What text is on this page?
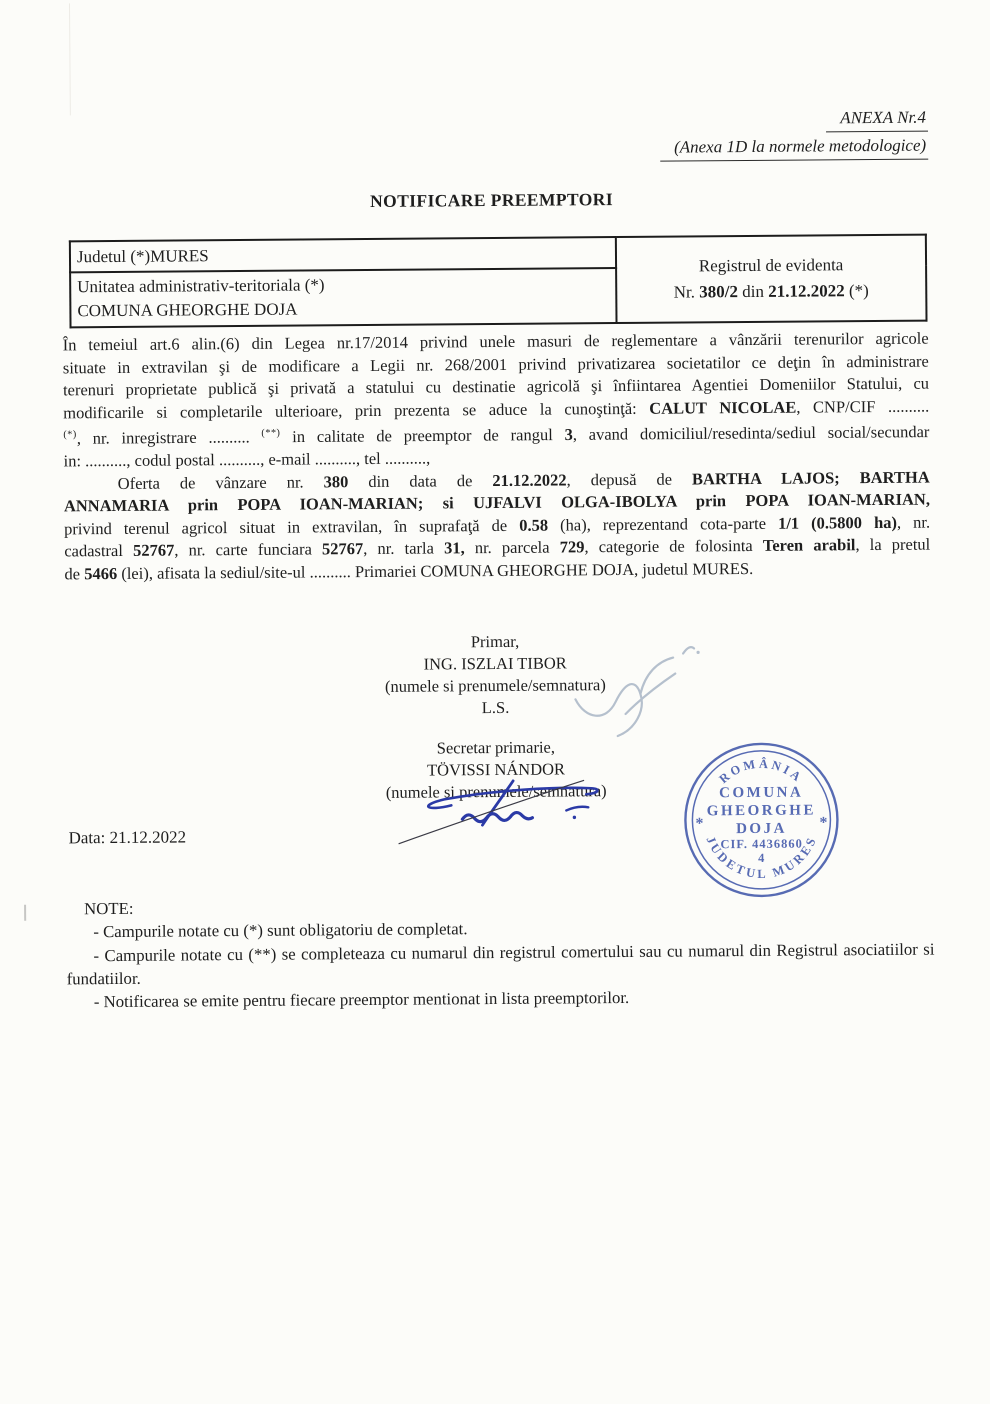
ANEXA Nr.4
(Anexa 1D la normele metodologice)
NOTIFICARE PREEMPTORI
Judetul (*)MURES	Registrul de evidenta
Nr. 380/2 din 21.12.2022 (*)

Unitatea administrativ-teritoriala (*)
COMUNA GHEORGHE DOJA
În temeiul art.6 alin.(6) din Legea nr.17/2014 privind unele masuri de reglementare a vânzării terenurilor agricole
situate in extravilan şi de modificare a Legii nr. 268/2001 privind privatizarea societatilor ce deţin în administrare
terenuri proprietate publică şi privată a statului cu destinatie agricolă şi înfiintarea Agentiei Domeniilor Statului, cu
modificarile si completarile ulterioare, prin prezenta se aduce la cunoştinţă: CALUT NICOLAE, CNP/CIF ..........
(*), nr. inregistrare .......... (**) in calitate de preemptor de rangul 3, avand domiciliul/resedinta/sediul social/secundar
in: .........., codul postal .........., e-mail .........., tel ..........,
Oferta de vânzare nr. 380 din data de 21.12.2022, depusă de BARTHA LAJOS; BARTHA
ANNAMARIA prin POPA IOAN-MARIAN; si UJFALVI OLGA-IBOLYA prin POPA IOAN-MARIAN,
privind terenul agricol situat in extravilan, în suprafaţă de 0.58 (ha), reprezentand cota-parte 1/1 (0.5800 ha), nr.
cadastral 52767, nr. carte funciara 52767, nr. tarla 31, nr. parcela 729, categorie de folosinta Teren arabil, la pretul
de 5466 (lei), afisata la sediul/site-ul .......... Primariei COMUNA GHEORGHE DOJA, judetul MURES.
Primar,
ING. ISZLAI TIBOR
(numele si prenumele/semnatura)
L.S.
Secretar primarie,
TÖVISSI NÁNDOR
(numele si prenumele/semnatura)
ROMÂNIA
JUDETUL MURES
COMUNA
GHEORGHE
DOJA
CIF. 4436860
4
*	*
Data: 21.12.2022
NOTE:
- Campurile notate cu (*) sunt obligatoriu de completat.
- Campurile notate cu (**) se completeaza cu numarul din registrul comertului sau cu numarul din Registrul asociatiilor si fundatiilor.
- Notificarea se emite pentru fiecare preemptor mentionat in lista preemptorilor.
